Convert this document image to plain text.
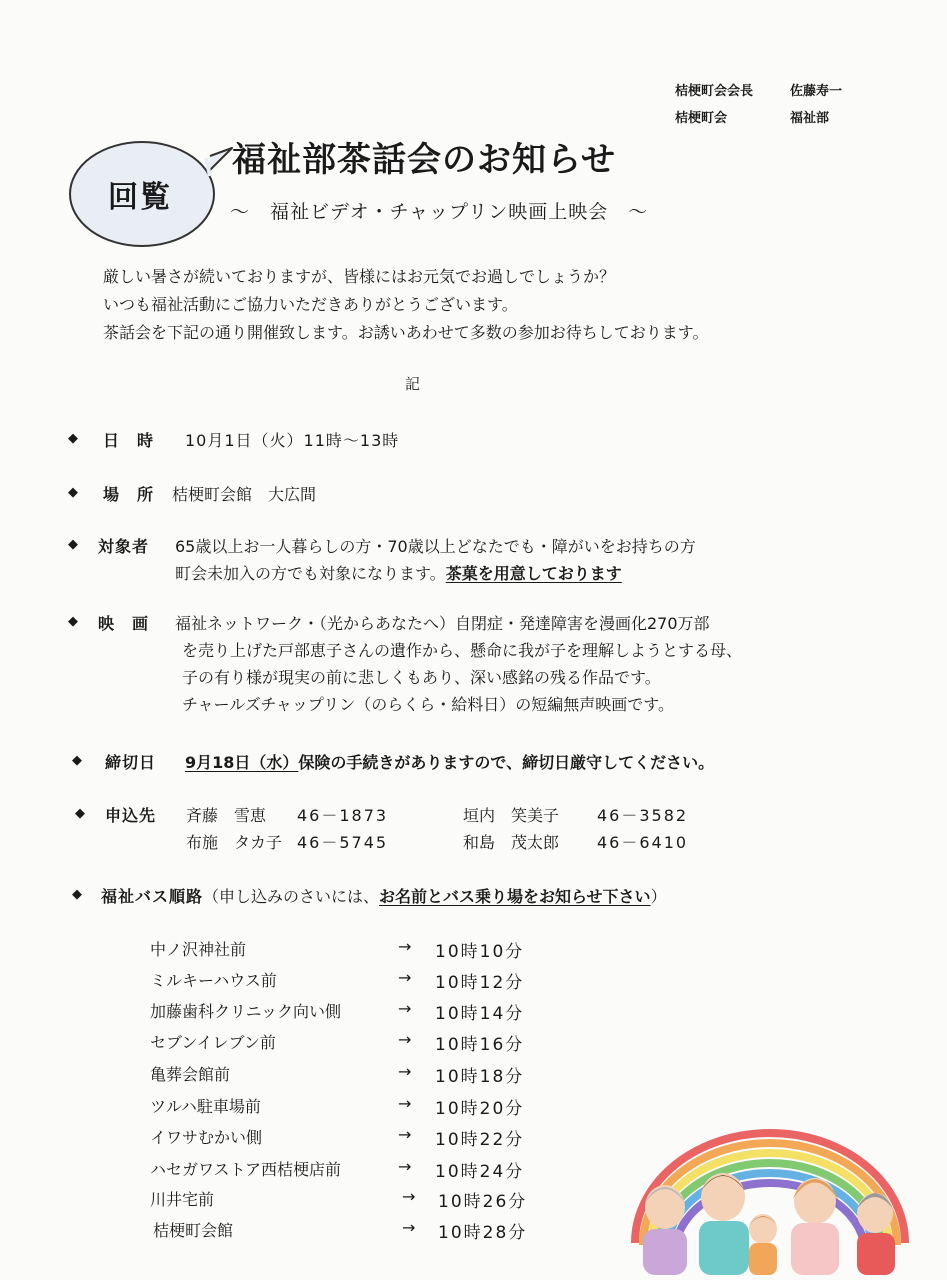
桔梗町会会長	佐藤寿一
桔梗町会	福祉部
回覧
福祉部茶話会のお知らせ
～　福祉ビデオ・チャップリン映画上映会　～
厳しい暑さが続いておりますが、皆様にはお元気でお過しでしょうか？
いつも福祉活動にご協力いただきありがとうございます。
茶話会を下記の通り開催致します。お誘いあわせて多数の参加お待ちしております。
記
◆ 日　時 10月1日（火）11時～13時
◆ 場　所 桔梗町会館　大広間
◆ 対象者 65歳以上お一人暮らしの方・70歳以上どなたでも・障がいをお持ちの方
町会未加入の方でも対象になります。茶菓を用意しております
◆ 映　画 福祉ネットワーク・（光からあなたへ）自閉症・発達障害を漫画化270万部
を売り上げた戸部恵子さんの遺作から、懸命に我が子を理解しようとする母、
子の有り様が現実の前に悲しくもあり、深い感銘の残る作品です。
チャールズチャップリン（のらくら・給料日）の短編無声映画です。
◆ 締切日 9月18日（水）保険の手続きがありますので、締切日厳守してください。
◆ 申込先 斉藤　雪恵 46－1873	垣内　笑美子 46－3582
布施　タカ子 46－5745	和島　茂太郎 46－6410
◆ 福祉バス順路（申し込みのさいには、お名前とバス乗り場をお知らせ下さい）
中ノ沢神社前	→ 10時10分
ミルキーハウス前	→ 10時12分
加藤歯科クリニック向い側	→ 10時14分
セブンイレブン前	→ 10時16分
亀葬会館前	→ 10時18分
ツルハ駐車場前	→ 10時20分
イワサむかい側	→ 10時22分
ハセガワストア西桔梗店前	→ 10時24分
川井宅前	→ 10時26分
桔梗町会館	→ 10時28分
